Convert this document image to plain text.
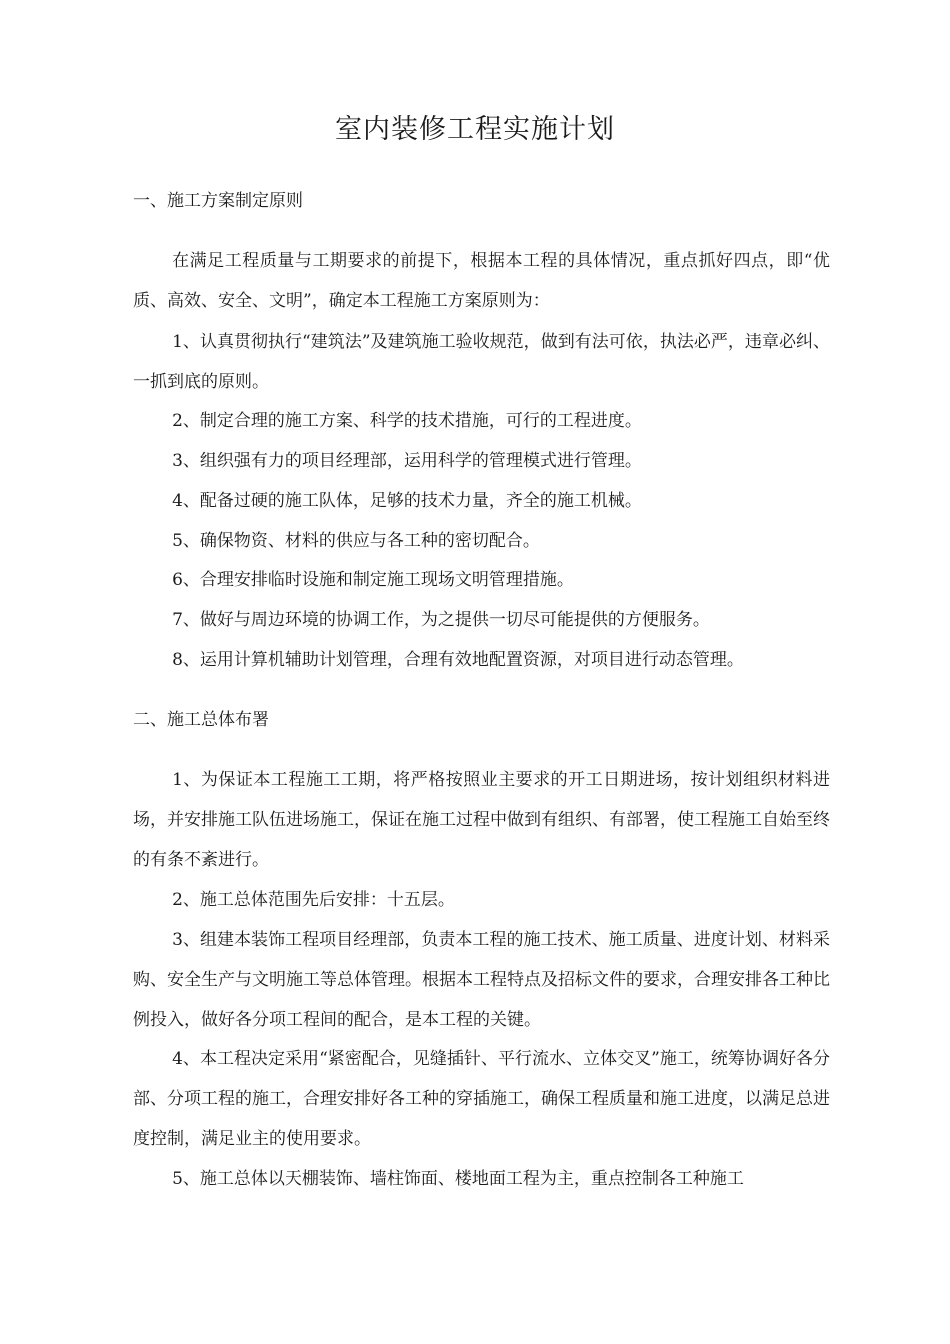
室内装修工程实施计划
一、施工方案制定原则

在满足工程质量与工期要求的前提下，根据本工程的具体情况，重点抓好四点，即“优质、高效、安全、文明”，确定本工程施工方案原则为：

1、认真贯彻执行“建筑法”及建筑施工验收规范，做到有法可依，执法必严，违章必纠、一抓到底的原则。

2、制定合理的施工方案、科学的技术措施，可行的工程进度。

3、组织强有力的项目经理部，运用科学的管理模式进行管理。

4、配备过硬的施工队体，足够的技术力量，齐全的施工机械。

5、确保物资、材料的供应与各工种的密切配合。

6、合理安排临时设施和制定施工现场文明管理措施。

7、做好与周边环境的协调工作，为之提供一切尽可能提供的方便服务。

8、运用计算机辅助计划管理，合理有效地配置资源，对项目进行动态管理。

二、施工总体布署

1、为保证本工程施工工期，将严格按照业主要求的开工日期进场，按计划组织材料进场，并安排施工队伍进场施工，保证在施工过程中做到有组织、有部署，使工程施工自始至终的有条不紊进行。

2、施工总体范围先后安排：十五层。

3、组建本装饰工程项目经理部，负责本工程的施工技术、施工质量、进度计划、材料采购、安全生产与文明施工等总体管理。根据本工程特点及招标文件的要求，合理安排各工种比例投入，做好各分项工程间的配合，是本工程的关键。

4、本工程决定采用“紧密配合，见缝插针、平行流水、立体交叉”施工，统筹协调好各分部、分项工程的施工，合理安排好各工种的穿插施工，确保工程质量和施工进度，以满足总进度控制，满足业主的使用要求。

5、施工总体以天棚装饰、墙柱饰面、楼地面工程为主，重点控制各工种施工
